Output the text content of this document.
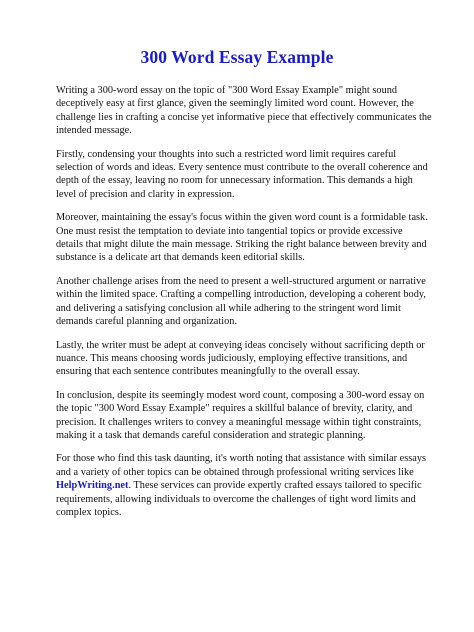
300 Word Essay Example

Writing a 300-word essay on the topic of "300 Word Essay Example" might sound deceptively easy at first glance, given the seemingly limited word count. However, the challenge lies in crafting a concise yet informative piece that effectively communicates the intended message.

Firstly, condensing your thoughts into such a restricted word limit requires careful selection of words and ideas. Every sentence must contribute to the overall coherence and depth of the essay, leaving no room for unnecessary information. This demands a high level of precision and clarity in expression.

Moreover, maintaining the essay's focus within the given word count is a formidable task. One must resist the temptation to deviate into tangential topics or provide excessive details that might dilute the main message. Striking the right balance between brevity and substance is a delicate art that demands keen editorial skills.

Another challenge arises from the need to present a well-structured argument or narrative within the limited space. Crafting a compelling introduction, developing a coherent body, and delivering a satisfying conclusion all while adhering to the stringent word limit demands careful planning and organization.

Lastly, the writer must be adept at conveying ideas concisely without sacrificing depth or nuance. This means choosing words judiciously, employing effective transitions, and ensuring that each sentence contributes meaningfully to the overall essay.

In conclusion, despite its seemingly modest word count, composing a 300-word essay on the topic "300 Word Essay Example" requires a skillful balance of brevity, clarity, and precision. It challenges writers to convey a meaningful message within tight constraints, making it a task that demands careful consideration and strategic planning.

For those who find this task daunting, it's worth noting that assistance with similar essays and a variety of other topics can be obtained through professional writing services like HelpWriting.net. These services can provide expertly crafted essays tailored to specific requirements, allowing individuals to overcome the challenges of tight word limits and complex topics.
